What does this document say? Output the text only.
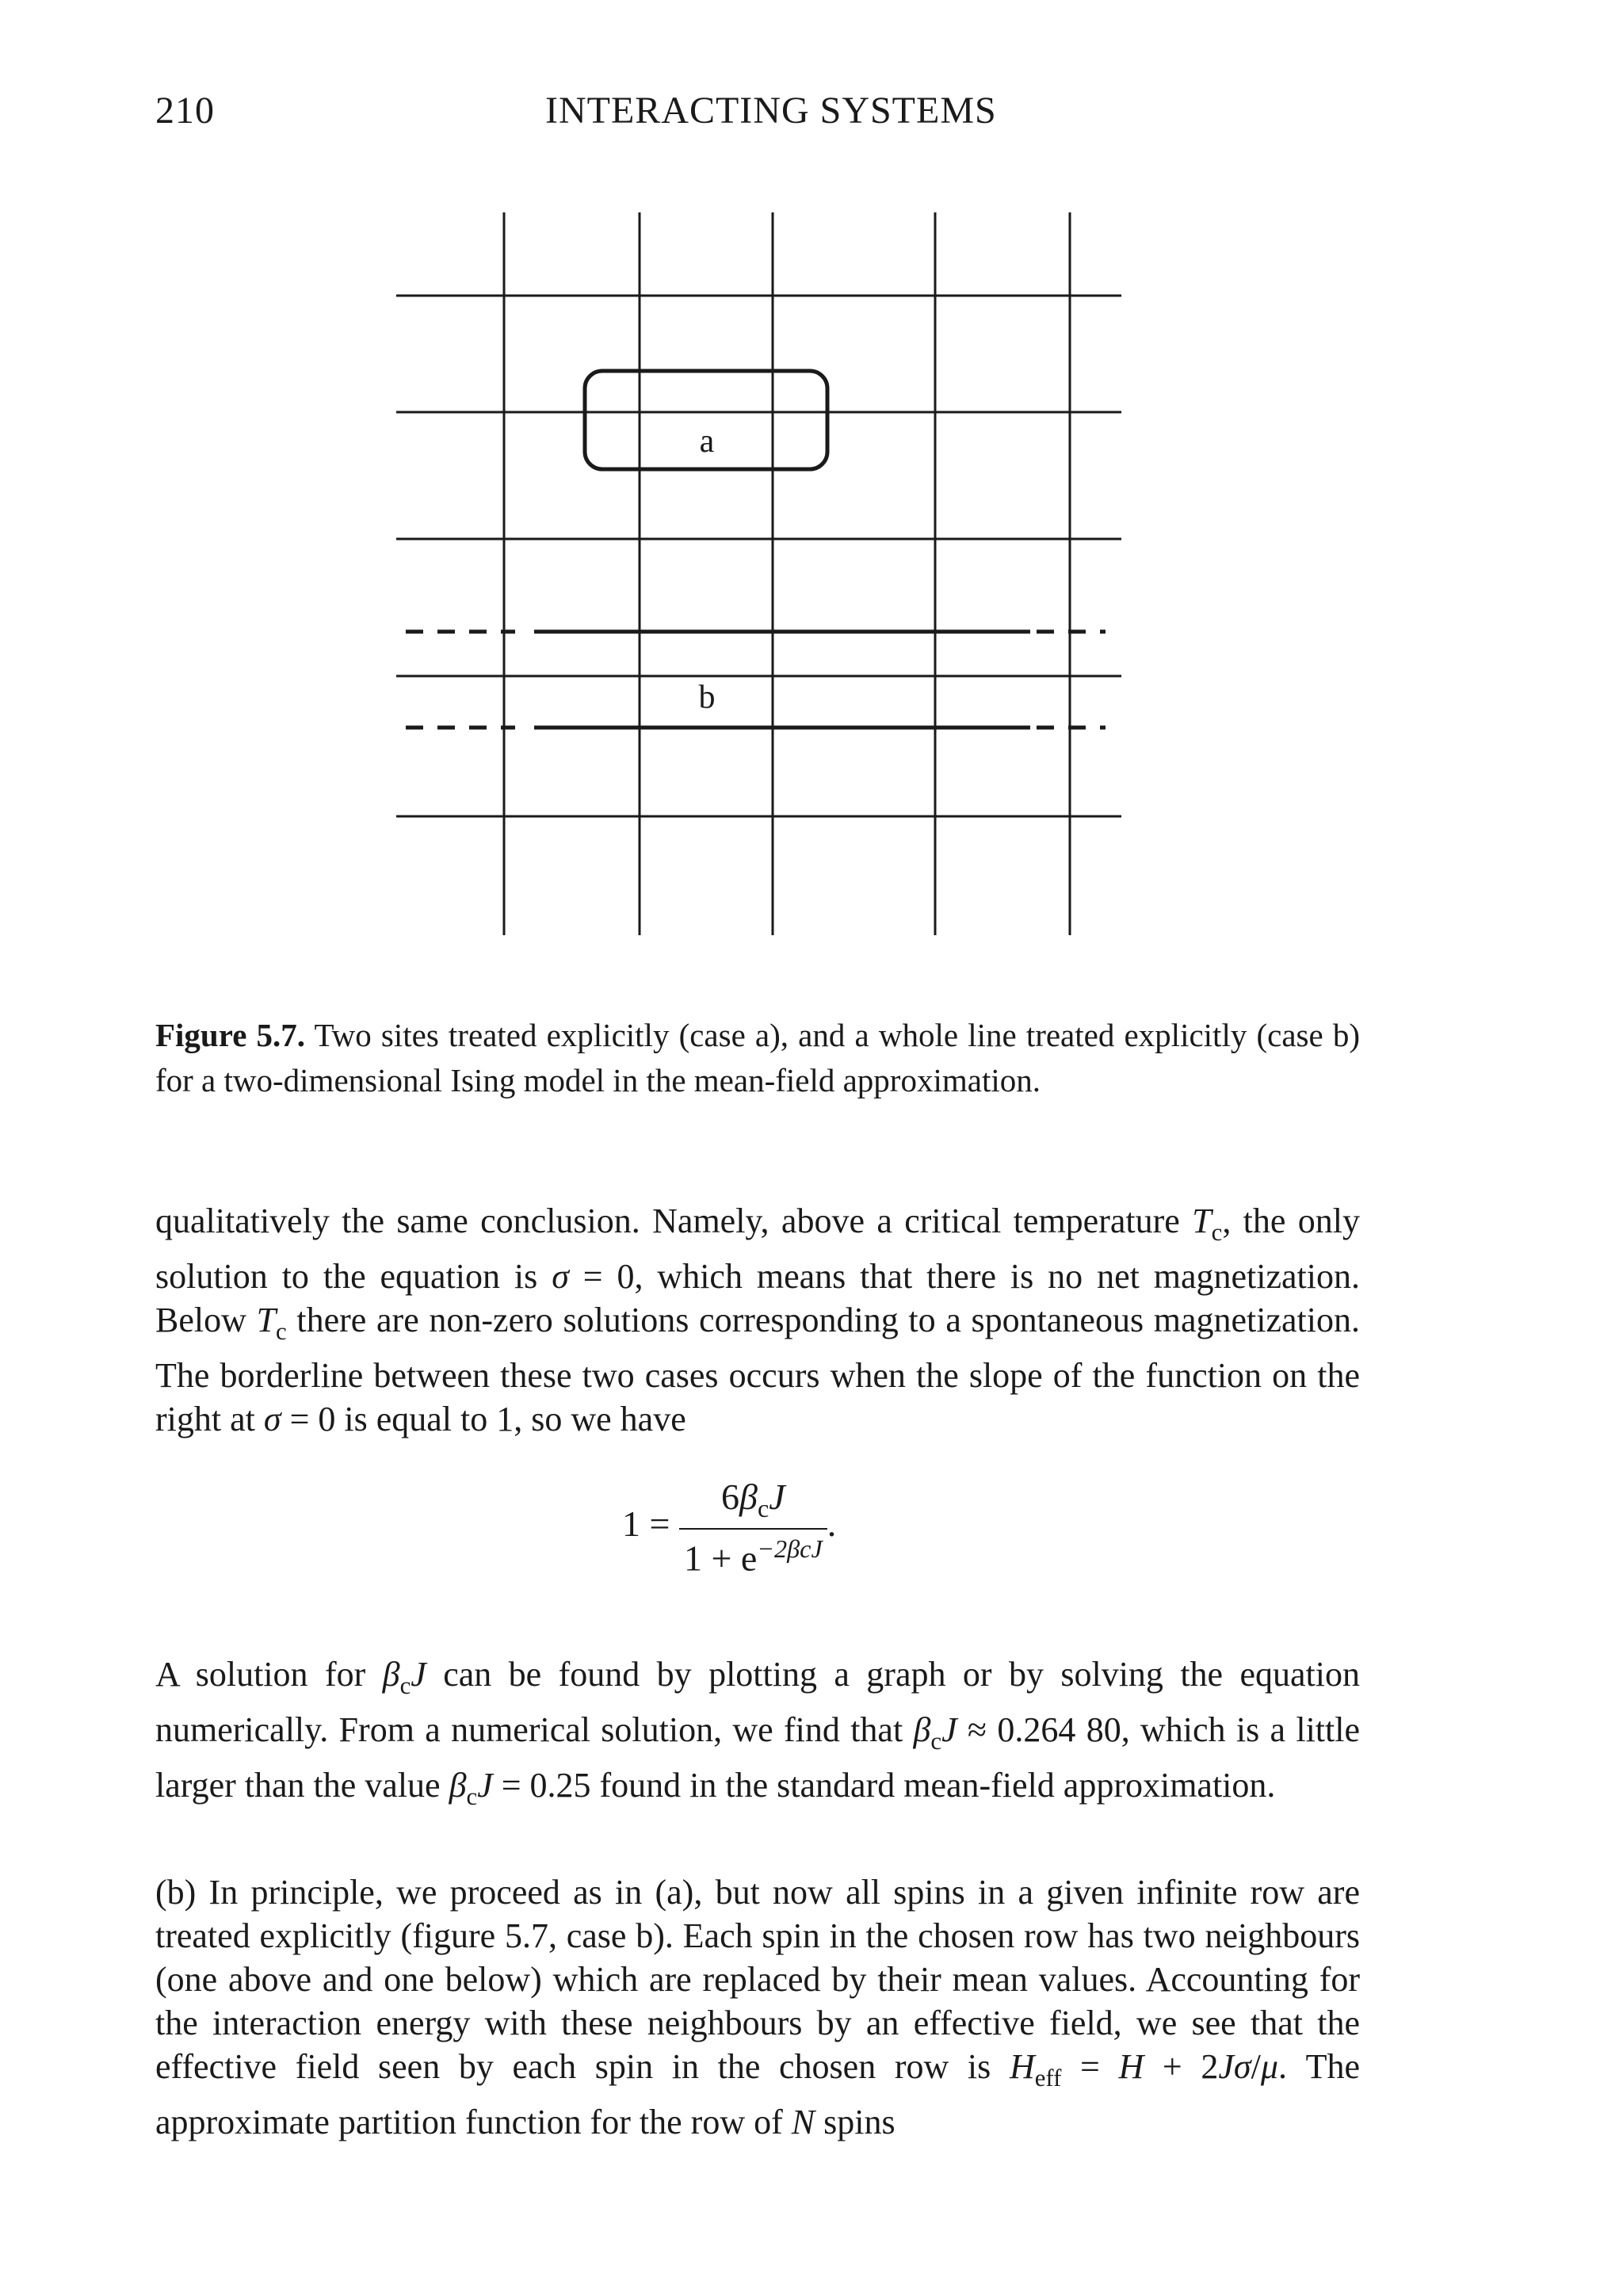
210	INTERACTING SYSTEMS
a
b
Figure 5.7. Two sites treated explicitly (case a), and a whole line treated explicitly (case b) for a two-dimensional Ising model in the mean-field approximation.

qualitatively the same conclusion. Namely, above a critical temperature $T_c$, the only solution to the equation is σ = 0, which means that there is no net magnetization. Below $T_c$ there are non-zero solutions corresponding to a spontaneous magnetization. The borderline between these two cases occurs when the slope of the function on the right at σ = 0 is equal to 1, so we have

$1 = \frac{6\beta_cJ}{1 + e^{-2\beta cJ}}$ .

A solution for $\beta_cJ$ can be found by plotting a graph or by solving the equation numerically. From a numerical solution, we find that $\beta_cJ \approx 0.264$ 80, which is a little larger than the value $\beta_cJ = 0.25$ found in the standard mean-field approximation.

(b) In principle, we proceed as in (a), but now all spins in a given infinite row are treated explicitly (figure 5.7, case b). Each spin in the chosen row has two neighbours (one above and one below) which are replaced by their mean values. Accounting for the interaction energy with these neighbours by an effective field, we see that the effective field seen by each spin in the chosen row is $H_{eff} = H + 2J\sigma/\mu$. The approximate partition function for the row of N spins
